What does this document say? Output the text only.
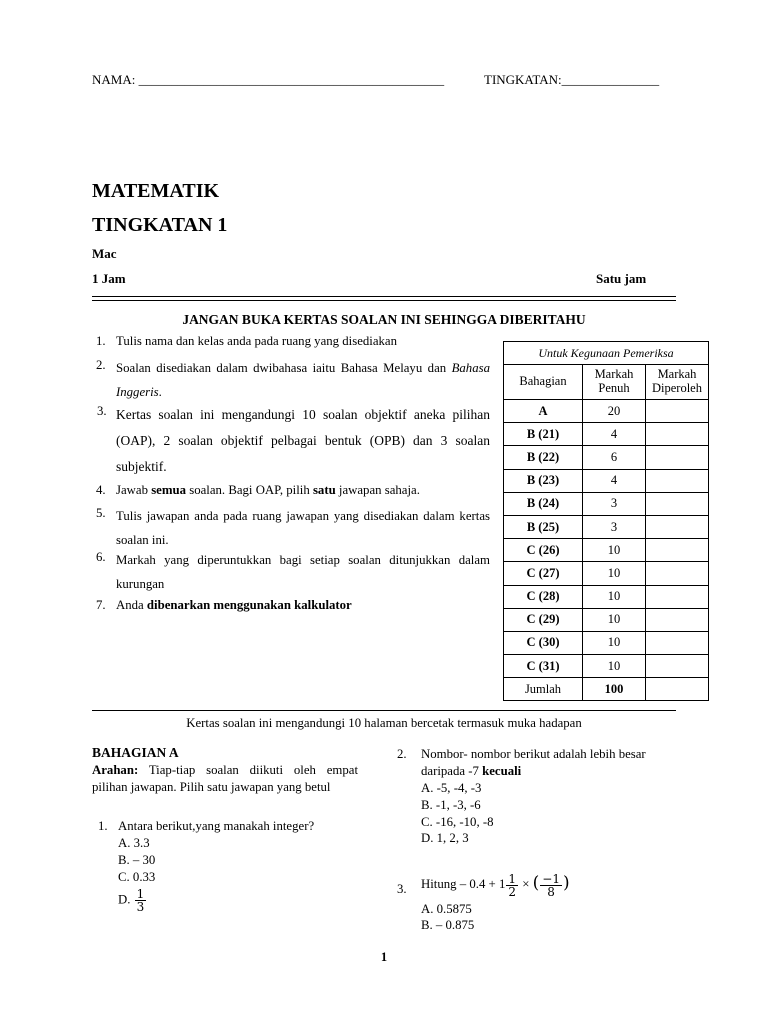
NAMA: _______________________________________________	TINGKATAN:_______________
MATEMATIK
TINGKATAN 1
Mac
1 Jam	Satu jam
JANGAN BUKA KERTAS SOALAN INI SEHINGGA DIBERITAHU
1. Tulis nama dan kelas anda pada ruang yang disediakan
2. Soalan disediakan dalam dwibahasa iaitu Bahasa Melayu dan Bahasa Inggeris.
3. Kertas soalan ini mengandungi 10 soalan objektif aneka pilihan (OAP), 2 soalan objektif pelbagai bentuk (OPB) dan 3 soalan subjektif.
4. Jawab semua soalan. Bagi OAP, pilih satu jawapan sahaja.
5. Tulis jawapan anda pada ruang jawapan yang disediakan dalam kertas soalan ini.
6. Markah yang diperuntukkan bagi setiap soalan ditunjukkan dalam kurungan
7. Anda dibenarkan menggunakan kalkulator
Untuk Kegunaan Pemeriksa		
Bahagian	Markah Penuh	Markah Diperoleh
A	20	
B (21)	4	
B (22)	6	
B (23)	4	
B (24)	3	
B (25)	3	
C (26)	10	
C (27)	10	
C (28)	10	
C (29)	10	
C (30)	10	
C (31)	10	
Jumlah	100	
Kertas soalan ini mengandungi 10 halaman bercetak termasuk muka hadapan
BAHAGIAN A
Arahan: Tiap-tiap soalan diikuti oleh empat pilihan jawapan. Pilih satu jawapan yang betul
1. Antara berikut,yang manakah integer?
A. 3.3
B. – 30
C. 0.33
D. $\frac{1}{3}$
2. Nombor- nombor berikut adalah lebih besar daripada -7 kecuali
A. -5, -4, -3
B. -1, -3, -6
C. -16, -10, -8
D. 1, 2, 3
3. Hitung – $0.4 + 1 \frac{1}{2}$ × ( $\frac{-1}{8}$ )
A. 0.5875
B. – 0.875
1
